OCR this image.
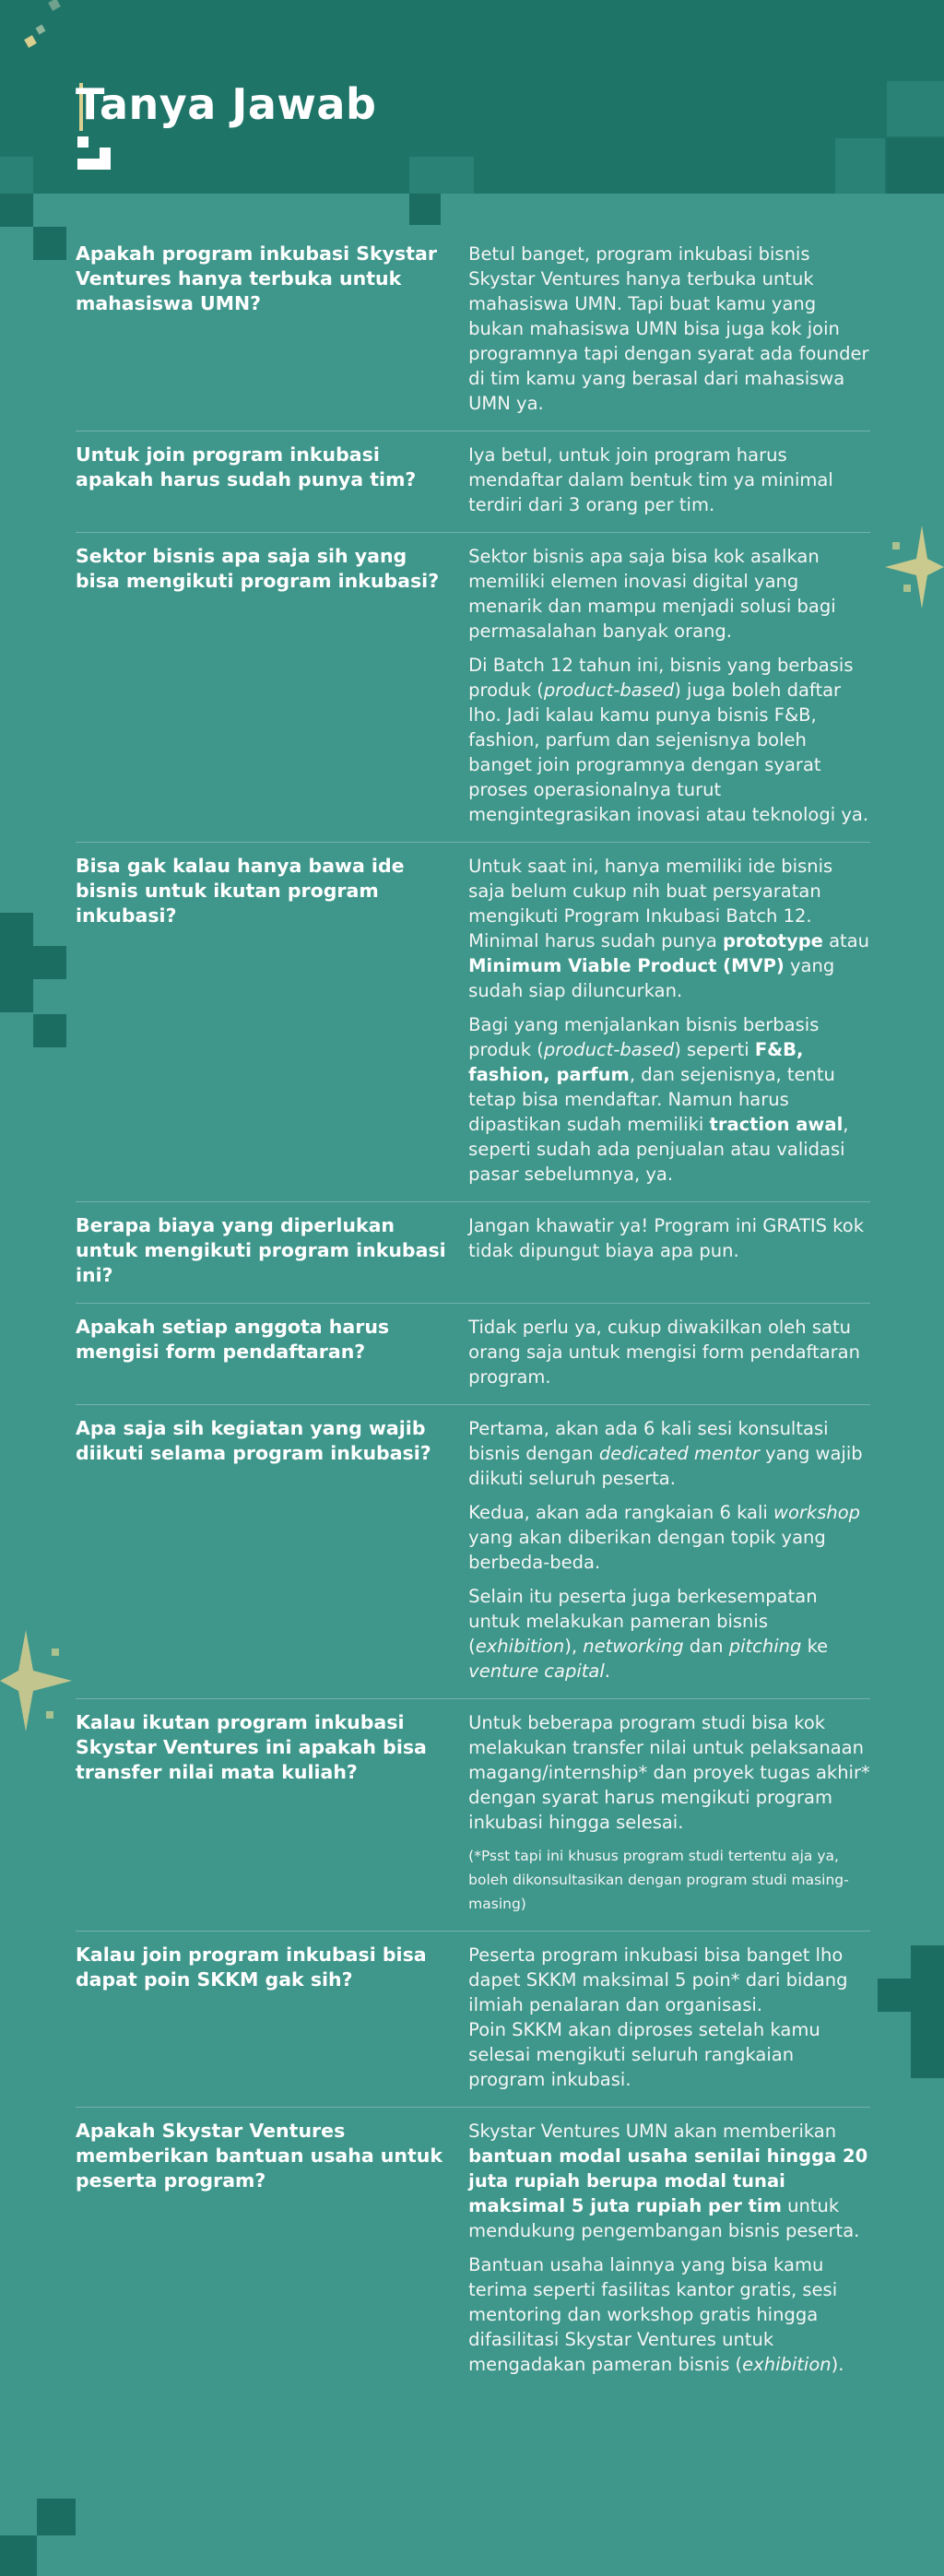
Tanya Jawab
Apakah program inkubasi Skystar Ventures hanya terbuka untuk mahasiswa UMN?

Betul banget, program inkubasi bisnis Skystar Ventures hanya terbuka untuk mahasiswa UMN. Tapi buat kamu yang bukan mahasiswa UMN bisa juga kok join programnya tapi dengan syarat ada founder di tim kamu yang berasal dari mahasiswa UMN ya.

Untuk join program inkubasi apakah harus sudah punya tim?

Iya betul, untuk join program harus mendaftar dalam bentuk tim ya minimal terdiri dari 3 orang per tim.

Sektor bisnis apa saja sih yang bisa mengikuti program inkubasi?

Sektor bisnis apa saja bisa kok asalkan memiliki elemen inovasi digital yang menarik dan mampu menjadi solusi bagi permasalahan banyak orang.

Di Batch 12 tahun ini, bisnis yang berbasis produk (product-based) juga boleh daftar lho. Jadi kalau kamu punya bisnis F&B, fashion, parfum dan sejenisnya boleh banget join programnya dengan syarat proses operasionalnya turut mengintegrasikan inovasi atau teknologi ya.

Bisa gak kalau hanya bawa ide bisnis untuk ikutan program inkubasi?

Untuk saat ini, hanya memiliki ide bisnis saja belum cukup nih buat persyaratan mengikuti Program Inkubasi Batch 12. Minimal harus sudah punya prototype atau Minimum Viable Product (MVP) yang sudah siap diluncurkan.

Bagi yang menjalankan bisnis berbasis produk (product-based) seperti F&B, fashion, parfum, dan sejenisnya, tentu tetap bisa mendaftar. Namun harus dipastikan sudah memiliki traction awal, seperti sudah ada penjualan atau validasi pasar sebelumnya, ya.

Berapa biaya yang diperlukan untuk mengikuti program inkubasi ini?

Jangan khawatir ya! Program ini GRATIS kok tidak dipungut biaya apa pun.

Apakah setiap anggota harus mengisi form pendaftaran?

Tidak perlu ya, cukup diwakilkan oleh satu orang saja untuk mengisi form pendaftaran program.

Apa saja sih kegiatan yang wajib diikuti selama program inkubasi?

Pertama, akan ada 6 kali sesi konsultasi bisnis dengan dedicated mentor yang wajib diikuti seluruh peserta.

Kedua, akan ada rangkaian 6 kali workshop yang akan diberikan dengan topik yang berbeda-beda.

Selain itu peserta juga berkesempatan untuk melakukan pameran bisnis (exhibition), networking dan pitching ke venture capital.

Kalau ikutan program inkubasi Skystar Ventures ini apakah bisa transfer nilai mata kuliah?

Untuk beberapa program studi bisa kok melakukan transfer nilai untuk pelaksanaan magang/internship* dan proyek tugas akhir* dengan syarat harus mengikuti program inkubasi hingga selesai.

(*Psst tapi ini khusus program studi tertentu aja ya, boleh dikonsultasikan dengan program studi masing-masing)

Kalau join program inkubasi bisa dapat poin SKKM gak sih?

Peserta program inkubasi bisa banget lho dapet SKKM maksimal 5 poin* dari bidang ilmiah penalaran dan organisasi.

Poin SKKM akan diproses setelah kamu selesai mengikuti seluruh rangkaian program inkubasi.

Apakah Skystar Ventures memberikan bantuan usaha untuk peserta program?

Skystar Ventures UMN akan memberikan bantuan modal usaha senilai hingga 20 juta rupiah berupa modal tunai maksimal 5 juta rupiah per tim untuk mendukung pengembangan bisnis peserta.

Bantuan usaha lainnya yang bisa kamu terima seperti fasilitas kantor gratis, sesi mentoring dan workshop gratis hingga difasilitasi Skystar Ventures untuk mengadakan pameran bisnis (exhibition).
